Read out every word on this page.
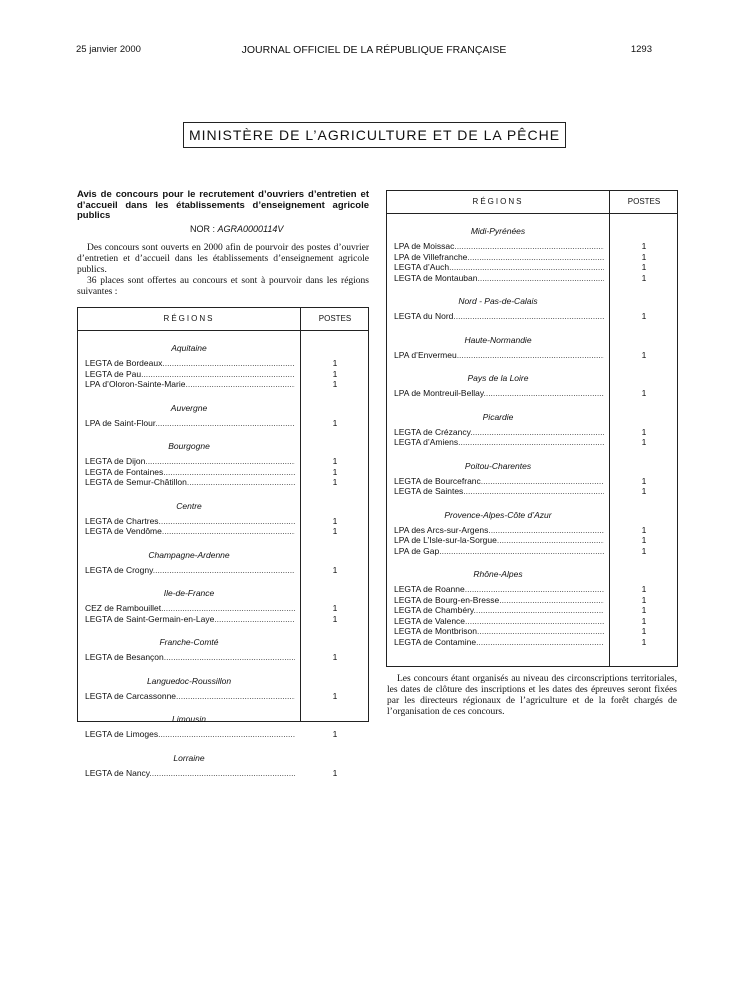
25 janvier 2000	JOURNAL OFFICIEL DE LA RÉPUBLIQUE FRANÇAISE	1293
MINISTÈRE DE L’AGRICULTURE ET DE LA PÊCHE
Avis de concours pour le recrutement d’ouvriers d’entretien et d’accueil dans les établissements d’enseignement agricole publics
NOR : AGRA0000114V

Des concours sont ouverts en 2000 afin de pourvoir des postes d’ouvrier d’entretien et d’accueil dans les établissements d’enseignement agricole publics.

36 places sont offertes au concours et sont à pourvoir dans les régions suivantes :

RÉGIONS	POSTES
Aquitaine
LEGTA de Bordeaux .....	1
LEGTA de Pau .....	1
LPA d’Oloron-Sainte-Marie .....	1
Auvergne
LPA de Saint-Flour .....	1
Bourgogne
LEGTA de Dijon .....	1
LEGTA de Fontaines .....	1
LEGTA de Semur-Châtillon .....	1
Centre
LEGTA de Chartres .....	1
LEGTA de Vendôme .....	1
Champagne-Ardenne
LEGTA de Crogny .....	1
Ile-de-France
CEZ de Rambouillet .....	1
LEGTA de Saint-Germain-en-Laye .....	1
Franche-Comté
LEGTA de Besançon .....	1
Languedoc-Roussillon
LEGTA de Carcassonne .....	1
Limousin
LEGTA de Limoges .....	1
Lorraine
LEGTA de Nancy .....	1
RÉGIONS	POSTES
Midi-Pyrénées
LPA de Moissac .....	1
LPA de Villefranche .....	1
LEGTA d’Auch .....	1
LEGTA de Montauban .....	1
Nord - Pas-de-Calais
LEGTA du Nord .....	1
Haute-Normandie
LPA d’Envermeu .....	1
Pays de la Loire
LPA de Montreuil-Bellay .....	1
Picardie
LEGTA de Crézancy .....	1
LEGTA d’Amiens .....	1
Poitou-Charentes
LEGTA de Bourcefranc .....	1
LEGTA de Saintes .....	1
Provence-Alpes-Côte d’Azur
LPA des Arcs-sur-Argens .....	1
LPA de L’Isle-sur-la-Sorgue .....	1
LPA de Gap .....	1
Rhône-Alpes
LEGTA de Roanne .....	1
LEGTA de Bourg-en-Bresse .....	1
LEGTA de Chambéry .....	1
LEGTA de Valence .....	1
LEGTA de Montbrison .....	1
LEGTA de Contamine .....	1

Les concours étant organisés au niveau des circonscriptions territoriales, les dates de clôture des inscriptions et les dates des épreuves seront fixées par les directeurs régionaux de l’agriculture et de la forêt chargés de l’organisation de ces concours.
